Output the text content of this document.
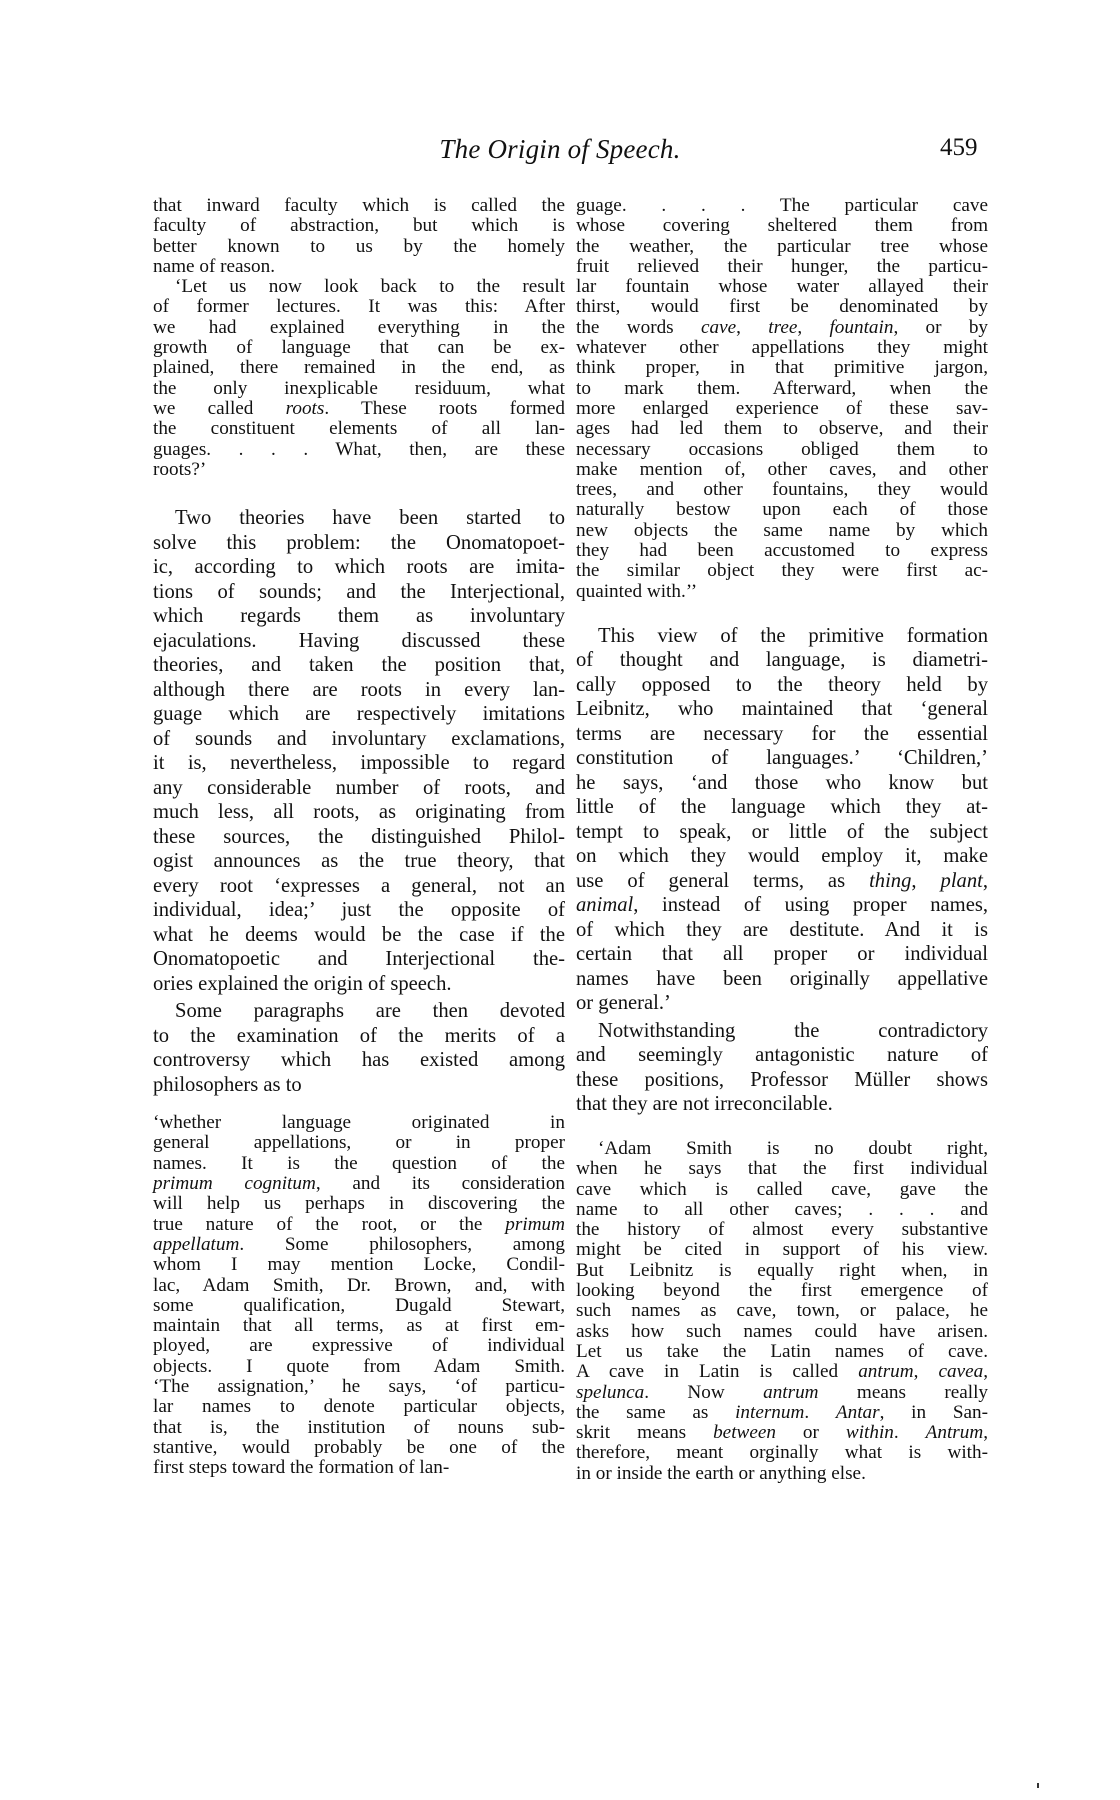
The Origin of Speech.	459
that inward faculty which is called the
faculty of abstraction, but which is
better known to us by the homely
name of reason.
‘Let us now look back to the result
of former lectures. It was this: After
we had explained everything in the
growth of language that can be ex-
plained, there remained in the end, as
the only inexplicable residuum, what
we called roots. These roots formed
the constituent elements of all lan-
guages. . . . What, then, are these
roots?’
Two theories have been started to
solve this problem: the Onomatopoet-
ic, according to which roots are imita-
tions of sounds; and the Interjectional,
which regards them as involuntary
ejaculations. Having discussed these
theories, and taken the position that,
although there are roots in every lan-
guage which are respectively imitations
of sounds and involuntary exclamations,
it is, nevertheless, impossible to regard
any considerable number of roots, and
much less, all roots, as originating from
these sources, the distinguished Philol-
ogist announces as the true theory, that
every root ‘expresses a general, not an
individual, idea;’ just the opposite of
what he deems would be the case if the
Onomatopoetic and Interjectional the-
ories explained the origin of speech.
Some paragraphs are then devoted
to the examination of the merits of a
controversy which has existed among
philosophers as to
‘whether language originated in
general appellations, or in proper
names. It is the question of the
primum cognitum, and its consideration
will help us perhaps in discovering the
true nature of the root, or the primum
appellatum. Some philosophers, among
whom I may mention Locke, Condil-
lac, Adam Smith, Dr. Brown, and, with
some qualification, Dugald Stewart,
maintain that all terms, as at first em-
ployed, are expressive of individual
objects. I quote from Adam Smith.
‘The assignation,’ he says, ‘of particu-
lar names to denote particular objects,
that is, the institution of nouns sub-
stantive, would probably be one of the
first steps toward the formation of lan-
guage. . . . The particular cave
whose covering sheltered them from
the weather, the particular tree whose
fruit relieved their hunger, the particu-
lar fountain whose water allayed their
thirst, would first be denominated by
the words cave, tree, fountain, or by
whatever other appellations they might
think proper, in that primitive jargon,
to mark them. Afterward, when the
more enlarged experience of these sav-
ages had led them to observe, and their
necessary occasions obliged them to
make mention of, other caves, and other
trees, and other fountains, they would
naturally bestow upon each of those
new objects the same name by which
they had been accustomed to express
the similar object they were first ac-
quainted with.’’
This view of the primitive formation
of thought and language, is diametri-
cally opposed to the theory held by
Leibnitz, who maintained that ‘general
terms are necessary for the essential
constitution of languages.’ ‘Children,’
he says, ‘and those who know but
little of the language which they at-
tempt to speak, or little of the subject
on which they would employ it, make
use of general terms, as thing, plant,
animal, instead of using proper names,
of which they are destitute. And it is
certain that all proper or individual
names have been originally appellative
or general.’
Notwithstanding the contradictory
and seemingly antagonistic nature of
these positions, Professor Müller shows
that they are not irreconcilable.
‘Adam Smith is no doubt right,
when he says that the first individual
cave which is called cave, gave the
name to all other caves; . . . and
the history of almost every substantive
might be cited in support of his view.
But Leibnitz is equally right when, in
looking beyond the first emergence of
such names as cave, town, or palace, he
asks how such names could have arisen.
Let us take the Latin names of cave.
A cave in Latin is called antrum, cavea,
spelunca. Now antrum means really
the same as internum. Antar, in San-
skrit means between or within. Antrum,
therefore, meant orginally what is with-
in or inside the earth or anything else.
